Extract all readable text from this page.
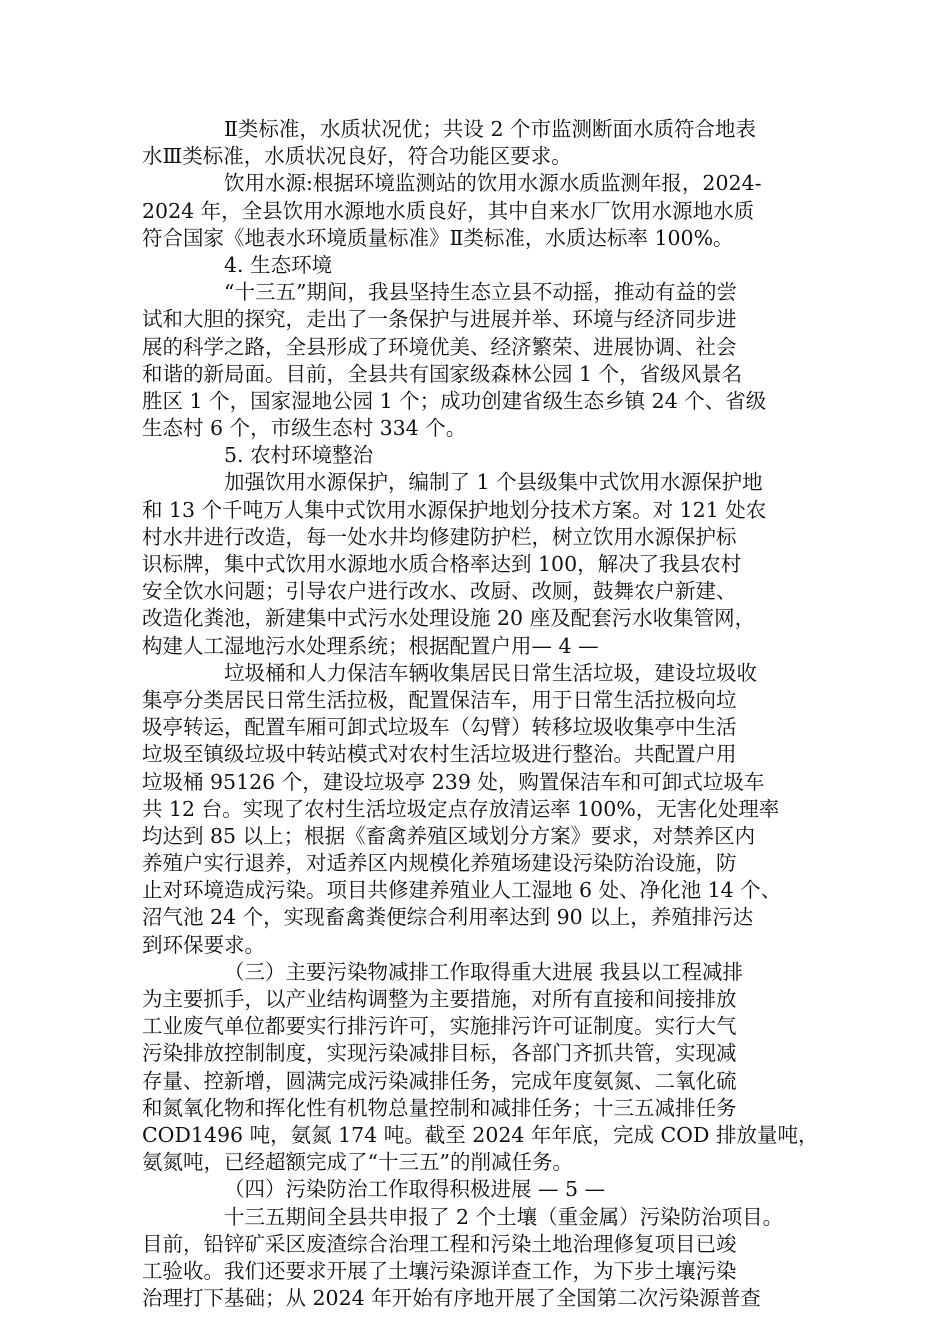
Ⅱ类标准，水质状况优；共设 2 个市监测断面水质符合地表
水Ⅲ类标准，水质状况良好，符合功能区要求。
饮用水源:根据环境监测站的饮用水源水质监测年报，2024-
2024 年，全县饮用水源地水质良好，其中自来水厂饮用水源地水质
符合国家《地表水环境质量标准》Ⅱ类标准，水质达标率 100%。
4. 生态环境
“十三五”期间，我县坚持生态立县不动摇，推动有益的尝
试和大胆的探究，走出了一条保护与进展并举、环境与经济同步进
展的科学之路，全县形成了环境优美、经济繁荣、进展协调、社会
和谐的新局面。目前，全县共有国家级森林公园 1 个，省级风景名
胜区 1 个，国家湿地公园 1 个；成功创建省级生态乡镇 24 个、省级
生态村 6 个，市级生态村 334 个。
5. 农村环境整治
加强饮用水源保护，编制了 1 个县级集中式饮用水源保护地
和 13 个千吨万人集中式饮用水源保护地划分技术方案。对 121 处农
村水井进行改造，每一处水井均修建防护栏，树立饮用水源保护标
识标牌，集中式饮用水源地水质合格率达到 100，解决了我县农村
安全饮水问题；引导农户进行改水、改厨、改厕，鼓舞农户新建、
改造化粪池，新建集中式污水处理设施 20 座及配套污水收集管网，
构建人工湿地污水处理系统；根据配置户用— 4 —
垃圾桶和人力保洁车辆收集居民日常生活垃圾，建设垃圾收
集亭分类居民日常生活拉极，配置保洁车，用于日常生活拉极向垃
圾亭转运，配置车厢可卸式垃圾车（勾臂）转移垃圾收集亭中生活
垃圾至镇级垃圾中转站模式对农村生活垃圾进行整治。共配置户用
垃圾桶 95126 个，建设垃圾亭 239 处，购置保洁车和可卸式垃圾车
共 12 台。实现了农村生活垃圾定点存放清运率 100%，无害化处理率
均达到 85 以上；根据《畜禽养殖区域划分方案》要求，对禁养区内
养殖户实行退养，对适养区内规模化养殖场建设污染防治设施，防
止对环境造成污染。项目共修建养殖业人工湿地 6 处、净化池 14 个、
沼气池 24 个，实现畜禽粪便综合利用率达到 90 以上，养殖排污达
到环保要求。
（三）主要污染物减排工作取得重大进展 我县以工程减排
为主要抓手，以产业结构调整为主要措施，对所有直接和间接排放
工业废气单位都要实行排污许可，实施排污许可证制度。实行大气
污染排放控制制度，实现污染减排目标，各部门齐抓共管，实现减
存量、控新增，圆满完成污染减排任务，完成年度氨氮、二氧化硫
和氮氧化物和挥化性有机物总量控制和减排任务；十三五减排任务
COD1496 吨，氨氮 174 吨。截至 2024 年年底，完成 COD 排放量吨，
氨氮吨，已经超额完成了“十三五”的削减任务。
（四）污染防治工作取得积极进展 — 5 —
十三五期间全县共申报了 2 个土壤（重金属）污染防治项目。
目前，铅锌矿采区废渣综合治理工程和污染土地治理修复项目已竣
工验收。我们还要求开展了土壤污染源详查工作，为下步土壤污染
治理打下基础；从 2024 年开始有序地开展了全国第二次污染源普查
